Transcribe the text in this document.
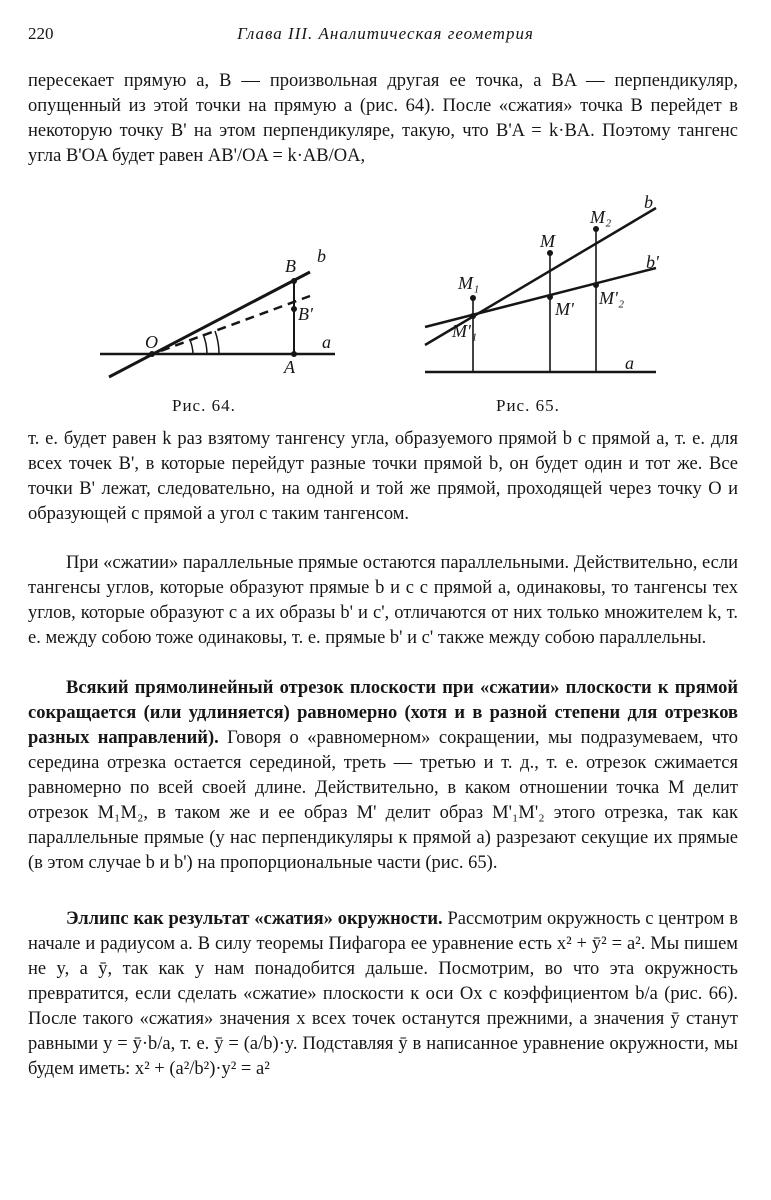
220	Глава III. Аналитическая геометрия

пересекает прямую a, B — произвольная другая ее точка, а BA — перпендикуляр, опущенный из этой точки на прямую a (рис. 64). После «сжатия» точка B перейдет в некоторую точку B' на этом перпендикуляре, такую, что B'A = k·BA. Поэтому тангенс угла B'OA будет равен AB'/OA = k·AB/OA,

O
A
B
B'
a
b
M₁
M
M₂
M'₁
M'
M'₂
a
b
b'
Рис. 64.	Рис. 65.

т. е. будет равен k раз взятому тангенсу угла, образуемого прямой b с прямой a, т. е. для всех точек B', в которые перейдут разные точки прямой b, он будет один и тот же. Все точки B' лежат, следовательно, на одной и той же прямой, проходящей через точку O и образующей с прямой a угол с таким тангенсом.

При «сжатии» параллельные прямые остаются параллельными. Действительно, если тангенсы углов, которые образуют прямые b и c с прямой a, одинаковы, то тангенсы тех углов, которые образуют с a их образы b' и c', отличаются от них только множителем k, т. е. между собою тоже одинаковы, т. е. прямые b' и c' также между собою параллельны.

Всякий прямолинейный отрезок плоскости при «сжатии» плоскости к прямой сокращается (или удлиняется) равномерно (хотя и в разной степени для отрезков разных направлений). Говоря о «равномерном» сокращении, мы подразумеваем, что середина отрезка остается серединой, треть — третью и т. д., т. е. отрезок сжимается равномерно по всей своей длине. Действительно, в каком отношении точка M делит отрезок M₁M₂, в таком же и ее образ M' делит образ M'₁M'₂ этого отрезка, так как параллельные прямые (у нас перпендикуляры к прямой a) разрезают секущие их прямые (в этом случае b и b') на пропорциональные части (рис. 65).

Эллипс как результат «сжатия» окружности. Рассмотрим окружность с центром в начале и радиусом a. В силу теоремы Пифагора ее уравнение есть x² + ȳ² = a². Мы пишем не y, а ȳ, так как y нам понадобится дальше. Посмотрим, во что эта окружность превратится, если сделать «сжатие» плоскости к оси Ox с коэффициентом b/a (рис. 66). После такого «сжатия» значения x всех точек останутся прежними, а значения ȳ станут равными y = ȳ·b/a, т. е. ȳ = (a/b)·y. Подставляя ȳ в написанное уравнение окружности, мы будем иметь: x² + (a²/b²)·y² = a²
